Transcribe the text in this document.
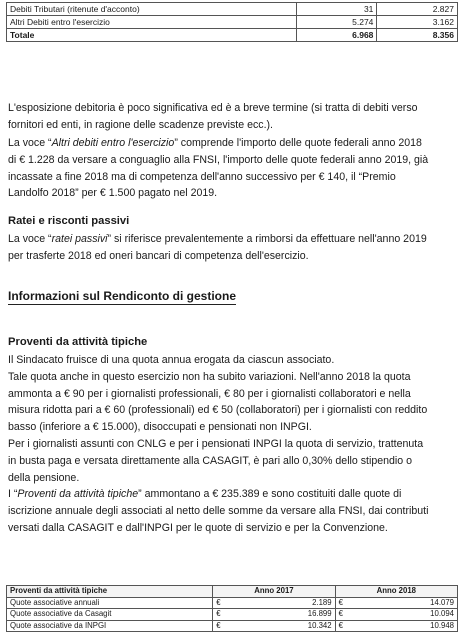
Debiti Tributari (ritenute d'acconto)	31	2.827
Altri Debiti entro l'esercizio	5.274	3.162
Totale	6.968	8.356

L'esposizione debitoria è poco significativa ed è a breve termine (si tratta di debiti verso
fornitori ed enti, in ragione delle scadenze previste ecc.).

La voce “Altri debiti entro l'esercizio” comprende l'importo delle quote federali anno 2018
di € 1.228 da versare a conguaglio alla FNSI, l'importo delle quote federali anno 2019, già
incassate a fine 2018 ma di competenza dell'anno successivo per € 140, il “Premio
Landolfo 2018” per € 1.500 pagato nel 2019.

Ratei e risconti passivi

La voce “ratei passivi” si riferisce prevalentemente a rimborsi da effettuare nell'anno 2019
per trasferte 2018 ed oneri bancari di competenza dell'esercizio.

Informazioni sul Rendiconto di gestione

Proventi da attività tipiche

Il Sindacato fruisce di una quota annua erogata da ciascun associato.
Tale quota anche in questo esercizio non ha subito variazioni. Nell'anno 2018 la quota
ammonta a € 90 per i giornalisti professionali, € 80 per i giornalisti collaboratori e nella
misura ridotta pari a € 60 (professionali) ed € 50 (collaboratori) per i giornalisti con reddito
basso (inferiore a € 15.000), disoccupati e pensionati non INPGI.
Per i giornalisti assunti con CNLG e per i pensionati INPGI la quota di servizio, trattenuta
in busta paga e versata direttamente alla CASAGIT, è pari allo 0,30% dello stipendio o
della pensione.
I “Proventi da attività tipiche” ammontano a € 235.389 e sono costituiti dalle quote di
iscrizione annuale degli associati al netto delle somme da versare alla FNSI, dai contributi
versati dalla CASAGIT e dall'INPGI per le quote di servizio e per la Convenzione.

Proventi da attività tipiche	Anno 2017		Anno 2018	
Quote associative annuali	€	2.189	€	14.079
Quote associative da Casagit	€	16.899	€	10.094
Quote associative da INPGI	€	10.342	€	10.948
